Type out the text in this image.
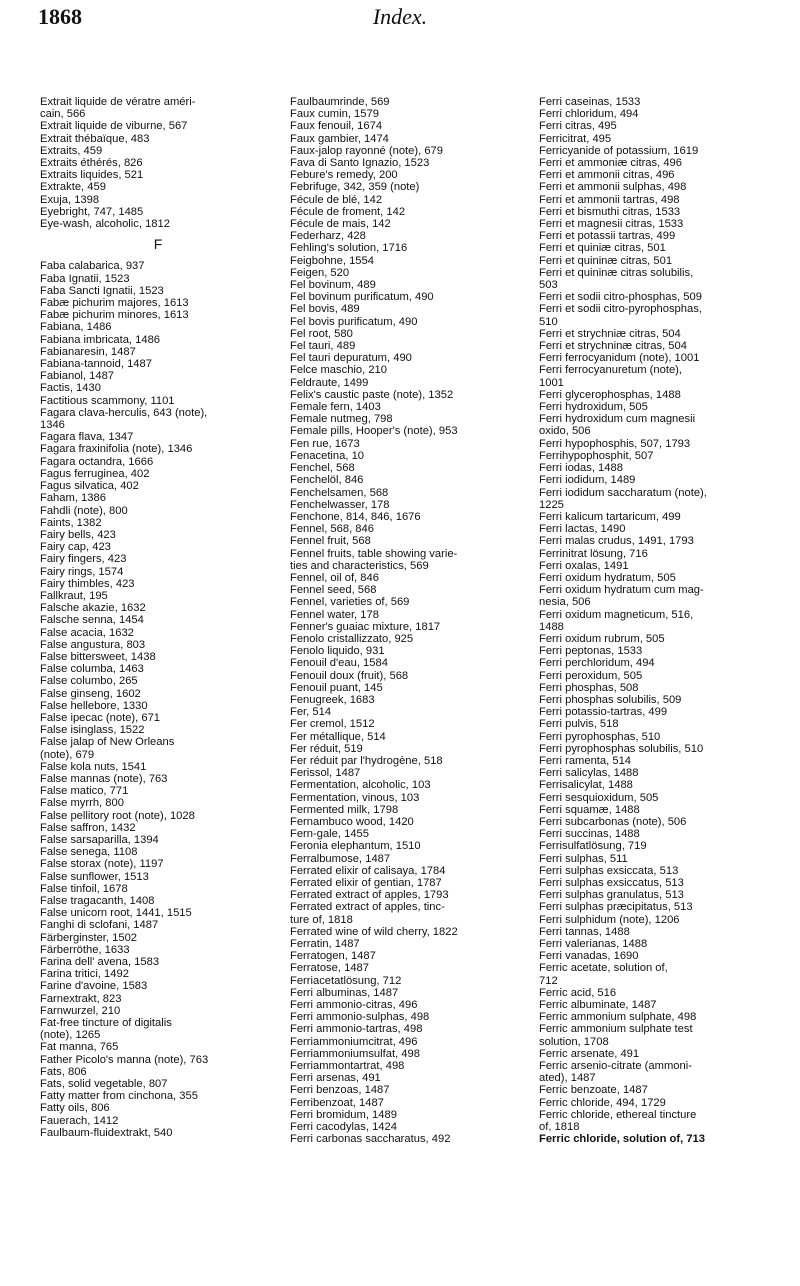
1868	Index.
Extrait liquide de vératre améri-
cain, 566
Extrait liquide de viburne, 567
Extrait thébaïque, 483
Extraits, 459
Extraits éthérés, 826
Extraits liquides, 521
Extrakte, 459
Exuja, 1398
Eyebright, 747, 1485
Eye-wash, alcoholic, 1812
F
Faba calabarica, 937
Faba Ignatii, 1523
Faba Sancti Ignatii, 1523
Fabæ pichurim majores, 1613
Fabæ pichurim minores, 1613
Fabiana, 1486
Fabiana imbricata, 1486
Fabianaresin, 1487
Fabiana-tannoid, 1487
Fabianol, 1487
Factis, 1430
Factitious scammony, 1101
Fagara clava-herculis, 643 (note),
1346
Fagara flava, 1347
Fagara fraxinifolia (note), 1346
Fagara octandra, 1666
Fagus ferruginea, 402
Fagus silvatica, 402
Faham, 1386
Fahdli (note), 800
Faints, 1382
Fairy bells, 423
Fairy cap, 423
Fairy fingers, 423
Fairy rings, 1574
Fairy thimbles, 423
Fallkraut, 195
Falsche akazie, 1632
Falsche senna, 1454
False acacia, 1632
False angustura, 803
False bittersweet, 1438
False columba, 1463
False columbo, 265
False ginseng, 1602
False hellebore, 1330
False ipecac (note), 671
False isinglass, 1522
False jalap of New Orleans
(note), 679
False kola nuts, 1541
False mannas (note), 763
False matico, 771
False myrrh, 800
False pellitory root (note), 1028
False saffron, 1432
False sarsaparilla, 1394
False senega, 1108
False storax (note), 1197
False sunflower, 1513
False tinfoil, 1678
False tragacanth, 1408
False unicorn root, 1441, 1515
Fanghi di sclofani, 1487
Färberginster, 1502
Färberröthe, 1633
Farina dell' avena, 1583
Farina tritici, 1492
Farine d'avoine, 1583
Farnextrakt, 823
Farnwurzel, 210
Fat-free tincture of digitalis
(note), 1265
Fat manna, 765
Father Picolo's manna (note), 763
Fats, 806
Fats, solid vegetable, 807
Fatty matter from cinchona, 355
Fatty oils, 806
Fauerach, 1412
Faulbaum-fluidextrakt, 540
Faulbaumrinde, 569
Faux cumin, 1579
Faux fenouil, 1674
Faux gambier, 1474
Faux-jalop rayonné (note), 679
Fava di Santo Ignazio, 1523
Febure's remedy, 200
Febrifuge, 342, 359 (note)
Fécule de blé, 142
Fécule de froment, 142
Fécule de mais, 142
Federharz, 428
Fehling's solution, 1716
Feigbohne, 1554
Feigen, 520
Fel bovinum, 489
Fel bovinum purificatum, 490
Fel bovis, 489
Fel bovis purificatum, 490
Fel root, 580
Fel tauri, 489
Fel tauri depuratum, 490
Felce maschio, 210
Feldraute, 1499
Felix's caustic paste (note), 1352
Female fern, 1403
Female nutmeg, 798
Female pills, Hooper's (note), 953
Fen rue, 1673
Fenacetina, 10
Fenchel, 568
Fenchelöl, 846
Fenchelsamen, 568
Fenchelwasser, 178
Fenchone, 814, 846, 1676
Fennel, 568, 846
Fennel fruit, 568
Fennel fruits, table showing varie-
ties and characteristics, 569
Fennel, oil of, 846
Fennel seed, 568
Fennel, varieties of, 569
Fennel water, 178
Fenner's guaiac mixture, 1817
Fenolo cristallizzato, 925
Fenolo liquido, 931
Fenouil d'eau, 1584
Fenouil doux (fruit), 568
Fenouil puant, 145
Fenugreek, 1683
Fer, 514
Fer cremol, 1512
Fer métallique, 514
Fer réduit, 519
Fer réduit par l'hydrogène, 518
Ferissol, 1487
Fermentation, alcoholic, 103
Fermentation, vinous, 103
Fermented milk, 1798
Fernambuco wood, 1420
Fern-gale, 1455
Feronia elephantum, 1510
Ferralbumose, 1487
Ferrated elixir of calisaya, 1784
Ferrated elixir of gentian, 1787
Ferrated extract of apples, 1793
Ferrated extract of apples, tinc-
ture of, 1818
Ferrated wine of wild cherry, 1822
Ferratin, 1487
Ferratogen, 1487
Ferratose, 1487
Ferriacetatlösung, 712
Ferri albuminas, 1487
Ferri ammonio-citras, 496
Ferri ammonio-sulphas, 498
Ferri ammonio-tartras, 498
Ferriammoniumcitrat, 496
Ferriammoniumsulfat, 498
Ferriammontartrat, 498
Ferri arsenas, 491
Ferri benzoas, 1487
Ferribenzoat, 1487
Ferri bromidum, 1489
Ferri cacodylas, 1424
Ferri carbonas saccharatus, 492
Ferri caseinas, 1533
Ferri chloridum, 494
Ferri citras, 495
Ferricitrat, 495
Ferricyanide of potassium, 1619
Ferri et ammoniæ citras, 496
Ferri et ammonii citras, 496
Ferri et ammonii sulphas, 498
Ferri et ammonii tartras, 498
Ferri et bismuthi citras, 1533
Ferri et magnesii citras, 1533
Ferri et potassii tartras, 499
Ferri et quiniæ citras, 501
Ferri et quininæ citras, 501
Ferri et quininæ citras solubilis,
503
Ferri et sodii citro-phosphas, 509
Ferri et sodii citro-pyrophosphas,
510
Ferri et strychniæ citras, 504
Ferri et strychninæ citras, 504
Ferri ferrocyanidum (note), 1001
Ferri ferrocyanuretum (note),
1001
Ferri glycerophosphas, 1488
Ferri hydroxidum, 505
Ferri hydroxidum cum magnesii
oxido, 506
Ferri hypophosphis, 507, 1793
Ferrihypophosphit, 507
Ferri iodas, 1488
Ferri iodidum, 1489
Ferri iodidum saccharatum (note),
1225
Ferri kalicum tartaricum, 499
Ferri lactas, 1490
Ferri malas crudus, 1491, 1793
Ferrinitrat lösung, 716
Ferri oxalas, 1491
Ferri oxidum hydratum, 505
Ferri oxidum hydratum cum mag-
nesia, 506
Ferri oxidum magneticum, 516,
1488
Ferri oxidum rubrum, 505
Ferri peptonas, 1533
Ferri perchloridum, 494
Ferri peroxidum, 505
Ferri phosphas, 508
Ferri phosphas solubilis, 509
Ferri potassio-tartras, 499
Ferri pulvis, 518
Ferri pyrophosphas, 510
Ferri pyrophosphas solubilis, 510
Ferri ramenta, 514
Ferri salicylas, 1488
Ferrisalicylat, 1488
Ferri sesquioxidum, 505
Ferri squamæ, 1488
Ferri subcarbonas (note), 506
Ferri succinas, 1488
Ferrisulfatlösung, 719
Ferri sulphas, 511
Ferri sulphas exsiccata, 513
Ferri sulphas exsiccatus, 513
Ferri sulphas granulatus, 513
Ferri sulphas præcipitatus, 513
Ferri sulphidum (note), 1206
Ferri tannas, 1488
Ferri valerianas, 1488
Ferri vanadas, 1690
Ferric acetate, solution of,
712
Ferric acid, 516
Ferric albuminate, 1487
Ferric ammonium sulphate, 498
Ferric ammonium sulphate test
solution, 1708
Ferric arsenate, 491
Ferric arsenio-citrate (ammoni-
ated), 1487
Ferric benzoate, 1487
Ferric chloride, 494, 1729
Ferric chloride, ethereal tincture
of, 1818
Ferric chloride, solution of, 713
